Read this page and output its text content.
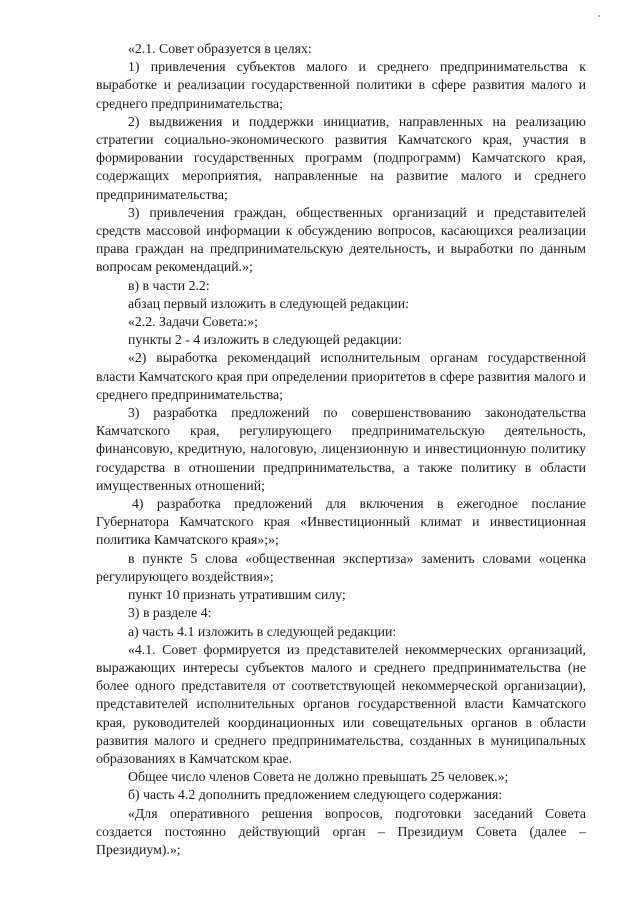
«2.1. Совет образуется в целях:

1) привлечения субъектов малого и среднего предпринимательства к выработке и реализации государственной политики в сфере развития малого и среднего предпринимательства;

2) выдвижения и поддержки инициатив, направленных на реализацию стратегии социально-экономического развития Камчатского края, участия в формировании государственных программ (подпрограмм) Камчатского края, содержащих мероприятия, направленные на развитие малого и среднего предпринимательства;

3) привлечения граждан, общественных организаций и представителей средств массовой информации к обсуждению вопросов, касающихся реализации права граждан на предпринимательскую деятельность, и выработки по данным вопросам рекомендаций.»;

в) в части 2.2:

абзац первый изложить в следующей редакции:

«2.2. Задачи Совета:»;

пункты 2 - 4 изложить в следующей редакции:

«2) выработка рекомендаций исполнительным органам государственной власти Камчатского края при определении приоритетов в сфере развития малого и среднего предпринимательства;

3) разработка предложений по совершенствованию законодательства Камчатского края, регулирующего предпринимательскую деятельность, финансовую, кредитную, налоговую, лицензионную и инвестиционную политику государства в отношении предпринимательства, а также политику в области имущественных отношений;

4) разработка предложений для включения в ежегодное послание Губернатора Камчатского края «Инвестиционный климат и инвестиционная политика Камчатского края»;»;

в пункте 5 слова «общественная экспертиза» заменить словами «оценка регулирующего воздействия»;

пункт 10 признать утратившим силу;

3) в разделе 4:

а) часть 4.1 изложить в следующей редакции:

«4.1. Совет формируется из представителей некоммерческих организаций, выражающих интересы субъектов малого и среднего предпринимательства (не более одного представителя от соответствующей некоммерческой организации), представителей исполнительных органов государственной власти Камчатского края, руководителей координационных или совещательных органов в области развития малого и среднего предпринимательства, созданных в муниципальных образованиях в Камчатском крае.

Общее число членов Совета не должно превышать 25 человек.»;

б) часть 4.2 дополнить предложением следующего содержания:

«Для оперативного решения вопросов, подготовки заседаний Совета создается постоянно действующий орган – Президиум Совета (далее – Президиум).»;
